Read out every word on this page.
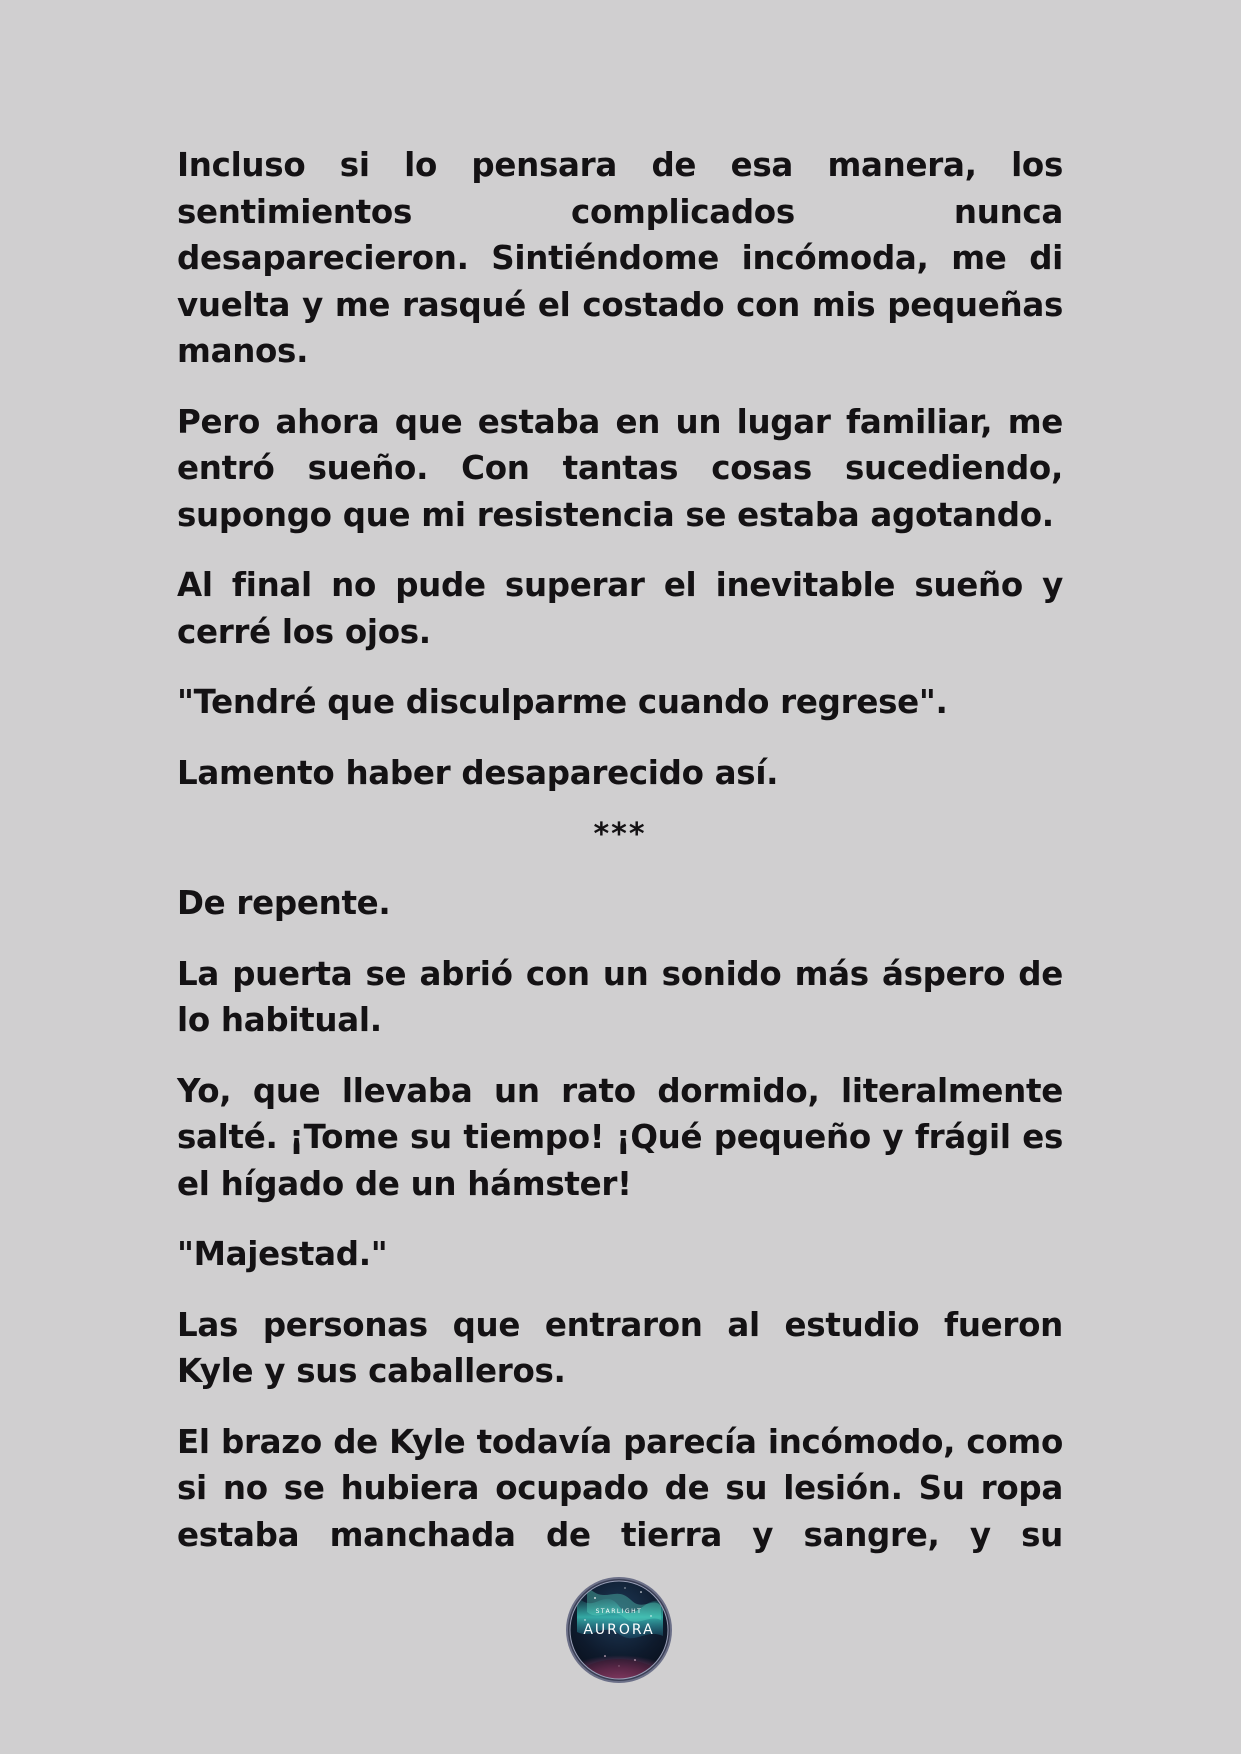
Incluso si lo pensara de esa manera, los sentimientos complicados nunca desaparecieron. Sintiéndome incómoda, me di vuelta y me rasqué el costado con mis pequeñas manos.

Pero ahora que estaba en un lugar familiar, me entró sueño. Con tantas cosas sucediendo, supongo que mi resistencia se estaba agotando.

Al final no pude superar el inevitable sueño y cerré los ojos.

"Tendré que disculparme cuando regrese".

Lamento haber desaparecido así.

***

De repente.

La puerta se abrió con un sonido más áspero de lo habitual.

Yo, que llevaba un rato dormido, literalmente salté. ¡Tome su tiempo! ¡Qué pequeño y frágil es el hígado de un hámster!

"Majestad."

Las personas que entraron al estudio fueron Kyle y sus caballeros.

El brazo de Kyle todavía parecía incómodo, como si no se hubiera ocupado de su lesión. Su ropa estaba manchada de tierra y sangre, y su

STARLIGHT
AURORA
